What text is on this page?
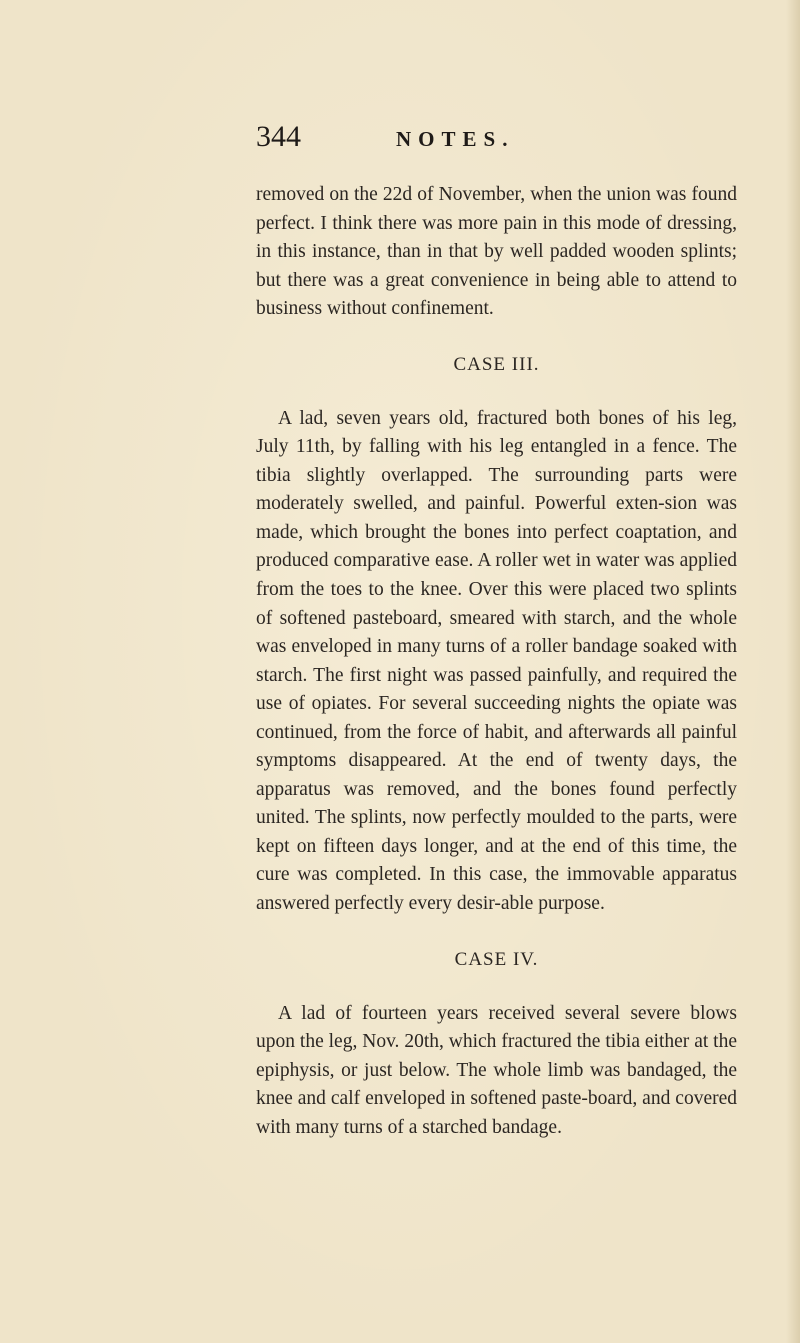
344	NOTES.

removed on the 22d of November, when the union was found perfect. I think there was more pain in this mode of dressing, in this instance, than in that by well padded wooden splints; but there was a great convenience in being able to attend to business without confinement.

CASE III.

A lad, seven years old, fractured both bones of his leg, July 11th, by falling with his leg entangled in a fence. The tibia slightly overlapped. The surrounding parts were moderately swelled, and painful. Powerful exten-sion was made, which brought the bones into perfect coaptation, and produced comparative ease. A roller wet in water was applied from the toes to the knee. Over this were placed two splints of softened pasteboard, smeared with starch, and the whole was enveloped in many turns of a roller bandage soaked with starch. The first night was passed painfully, and required the use of opiates. For several succeeding nights the opiate was continued, from the force of habit, and afterwards all painful symptoms disappeared. At the end of twenty days, the apparatus was removed, and the bones found perfectly united. The splints, now perfectly moulded to the parts, were kept on fifteen days longer, and at the end of this time, the cure was completed. In this case, the immovable apparatus answered perfectly every desir-able purpose.

CASE IV.

A lad of fourteen years received several severe blows upon the leg, Nov. 20th, which fractured the tibia either at the epiphysis, or just below. The whole limb was bandaged, the knee and calf enveloped in softened paste-board, and covered with many turns of a starched bandage.
